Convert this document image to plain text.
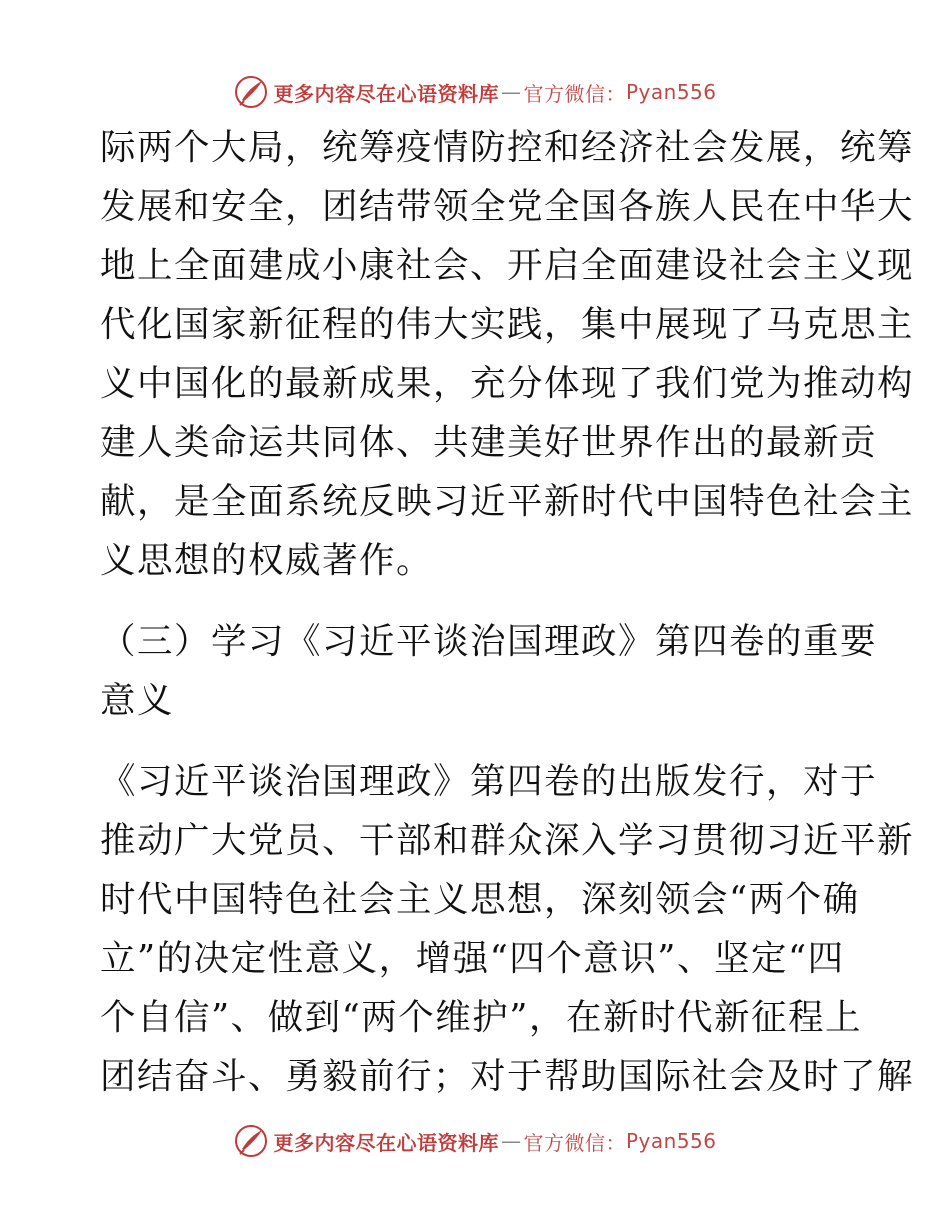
更多内容尽在心语资料库 — 官方微信： Pyan556
际两个大局，统筹疫情防控和经济社会发展，统筹
发展和安全，团结带领全党全国各族人民在中华大
地上全面建成小康社会、开启全面建设社会主义现
代化国家新征程的伟大实践，集中展现了马克思主
义中国化的最新成果，充分体现了我们党为推动构
建人类命运共同体、共建美好世界作出的最新贡
献，是全面系统反映习近平新时代中国特色社会主
义思想的权威著作。
（三）学习《习近平谈治国理政》第四卷的重要
意义
《习近平谈治国理政》第四卷的出版发行，对于
推动广大党员、干部和群众深入学习贯彻习近平新
时代中国特色社会主义思想，深刻领会“两个确
立”的决定性意义，增强“四个意识”、坚定“四
个自信”、做到“两个维护”，在新时代新征程上
团结奋斗、勇毅前行；对于帮助国际社会及时了解
更多内容尽在心语资料库 — 官方微信： Pyan556
